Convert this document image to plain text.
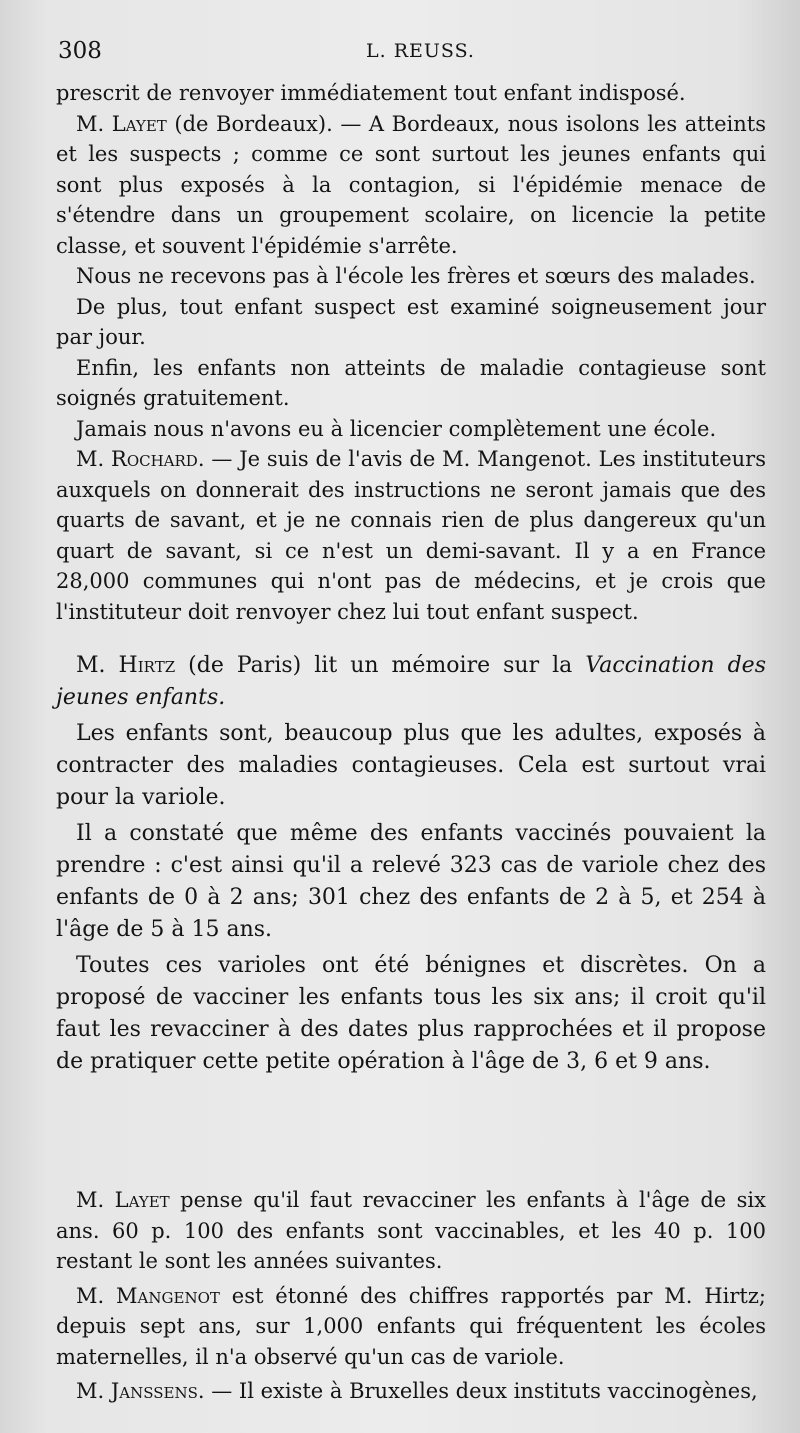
308	L. REUSS.

prescrit de renvoyer immédiatement tout enfant indisposé.

M. Layet (de Bordeaux). — A Bordeaux, nous isolons les atteints et les suspects ; comme ce sont surtout les jeunes enfants qui sont plus exposés à la contagion, si l'épidémie menace de s'étendre dans un groupement scolaire, on licencie la petite classe, et souvent l'épidémie s'arrête.

Nous ne recevons pas à l'école les frères et sœurs des malades.

De plus, tout enfant suspect est examiné soigneusement jour par jour.

Enfin, les enfants non atteints de maladie contagieuse sont soignés gratuitement.

Jamais nous n'avons eu à licencier complètement une école.

M. Rochard. — Je suis de l'avis de M. Mangenot. Les instituteurs auxquels on donnerait des instructions ne seront jamais que des quarts de savant, et je ne connais rien de plus dangereux qu'un quart de savant, si ce n'est un demi-savant. Il y a en France 28,000 communes qui n'ont pas de médecins, et je crois que l'instituteur doit renvoyer chez lui tout enfant suspect.

M. Hirtz (de Paris) lit un mémoire sur la Vaccination des jeunes enfants.

Les enfants sont, beaucoup plus que les adultes, exposés à contracter des maladies contagieuses. Cela est surtout vrai pour la variole.

Il a constaté que même des enfants vaccinés pouvaient la prendre : c'est ainsi qu'il a relevé 323 cas de variole chez des enfants de 0 à 2 ans; 301 chez des enfants de 2 à 5, et 254 à l'âge de 5 à 15 ans.

Toutes ces varioles ont été bénignes et discrètes. On a proposé de vacciner les enfants tous les six ans; il croit qu'il faut les revacciner à des dates plus rapprochées et il propose de pratiquer cette petite opération à l'âge de 3, 6 et 9 ans.

M. Layet pense qu'il faut revacciner les enfants à l'âge de six ans. 60 p. 100 des enfants sont vaccinables, et les 40 p. 100 restant le sont les années suivantes.

M. Mangenot est étonné des chiffres rapportés par M. Hirtz; depuis sept ans, sur 1,000 enfants qui fréquentent les écoles maternelles, il n'a observé qu'un cas de variole.

M. Janssens. — Il existe à Bruxelles deux instituts vaccinogènes,
